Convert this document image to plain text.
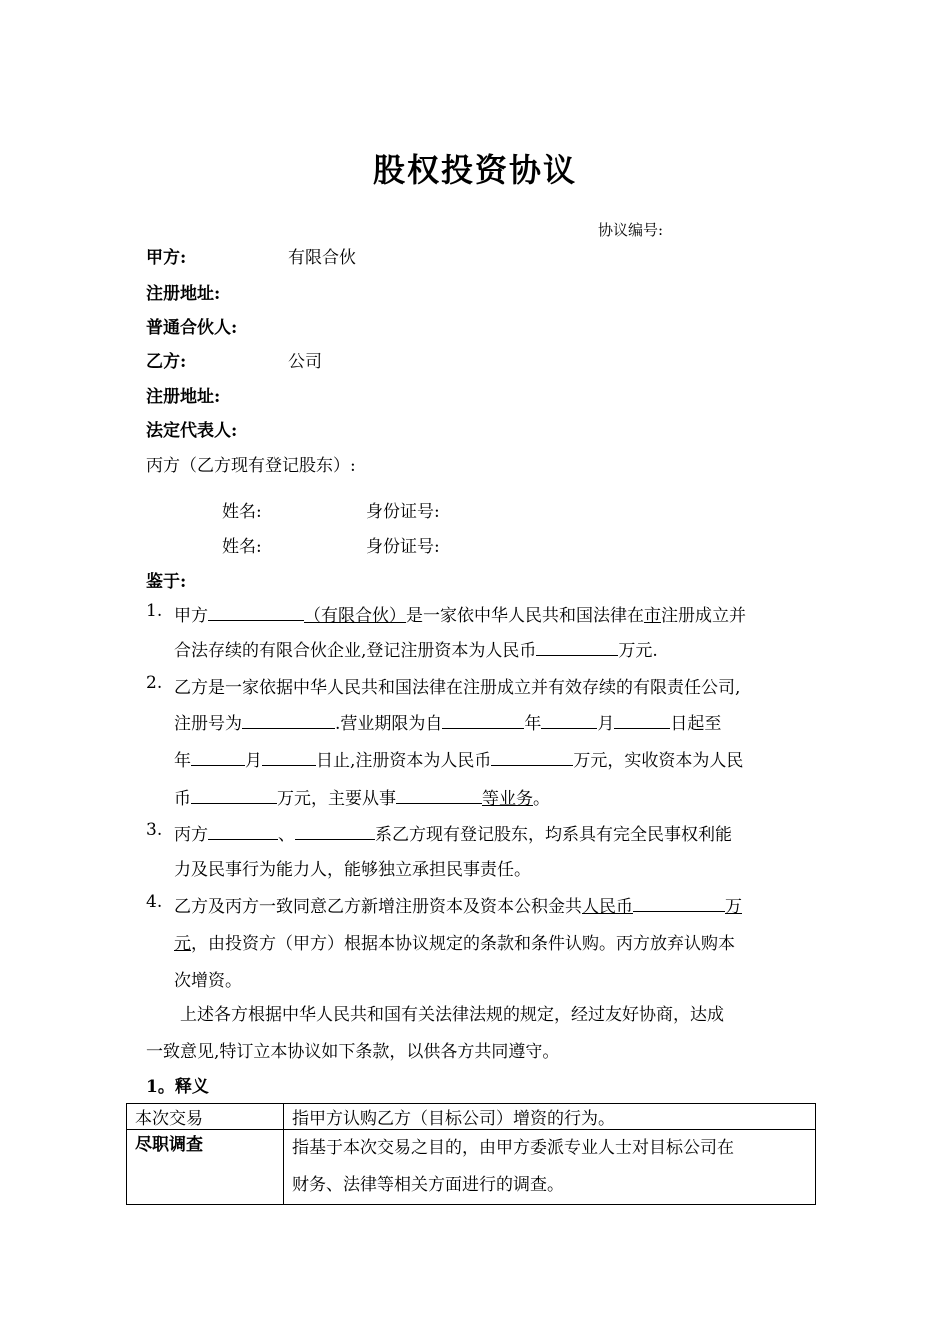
股权投资协议
协议编号:
甲方:	有限合伙
注册地址:
普通合伙人:
乙方:	公司
注册地址:
法定代表人:
丙方（乙方现有登记股东）:
姓名:	身份证号:
姓名:	身份证号:
鉴于:
1. 甲方	（有限合伙）是一家依中华人民共和国法律在市注册成立并
合法存续的有限合伙企业,登记注册资本为人民币	万元.
2. 乙方是一家依据中华人民共和国法律在注册成立并有效存续的有限责任公司,
注册号为	.营业期限为自	年	月	日起至
年	月	日止,注册资本为人民币	万元，实收资本为人民
币	万元，主要从事	等业务。
3. 丙方	、	系乙方现有登记股东，均系具有完全民事权利能
力及民事行为能力人，能够独立承担民事责任。
4. 乙方及丙方一致同意乙方新增注册资本及资本公积金共人民币	万
元，由投资方（甲方）根据本协议规定的条款和条件认购。丙方放弃认购本
次增资。
上述各方根据中华人民共和国有关法律法规的规定，经过友好协商，达成
一致意见,特订立本协议如下条款，以供各方共同遵守。
1。释义
本次交易	指甲方认购乙方（目标公司）增资的行为。
尽职调查	指基于本次交易之目的，由甲方委派专业人士对目标公司在
财务、法律等相关方面进行的调查。
